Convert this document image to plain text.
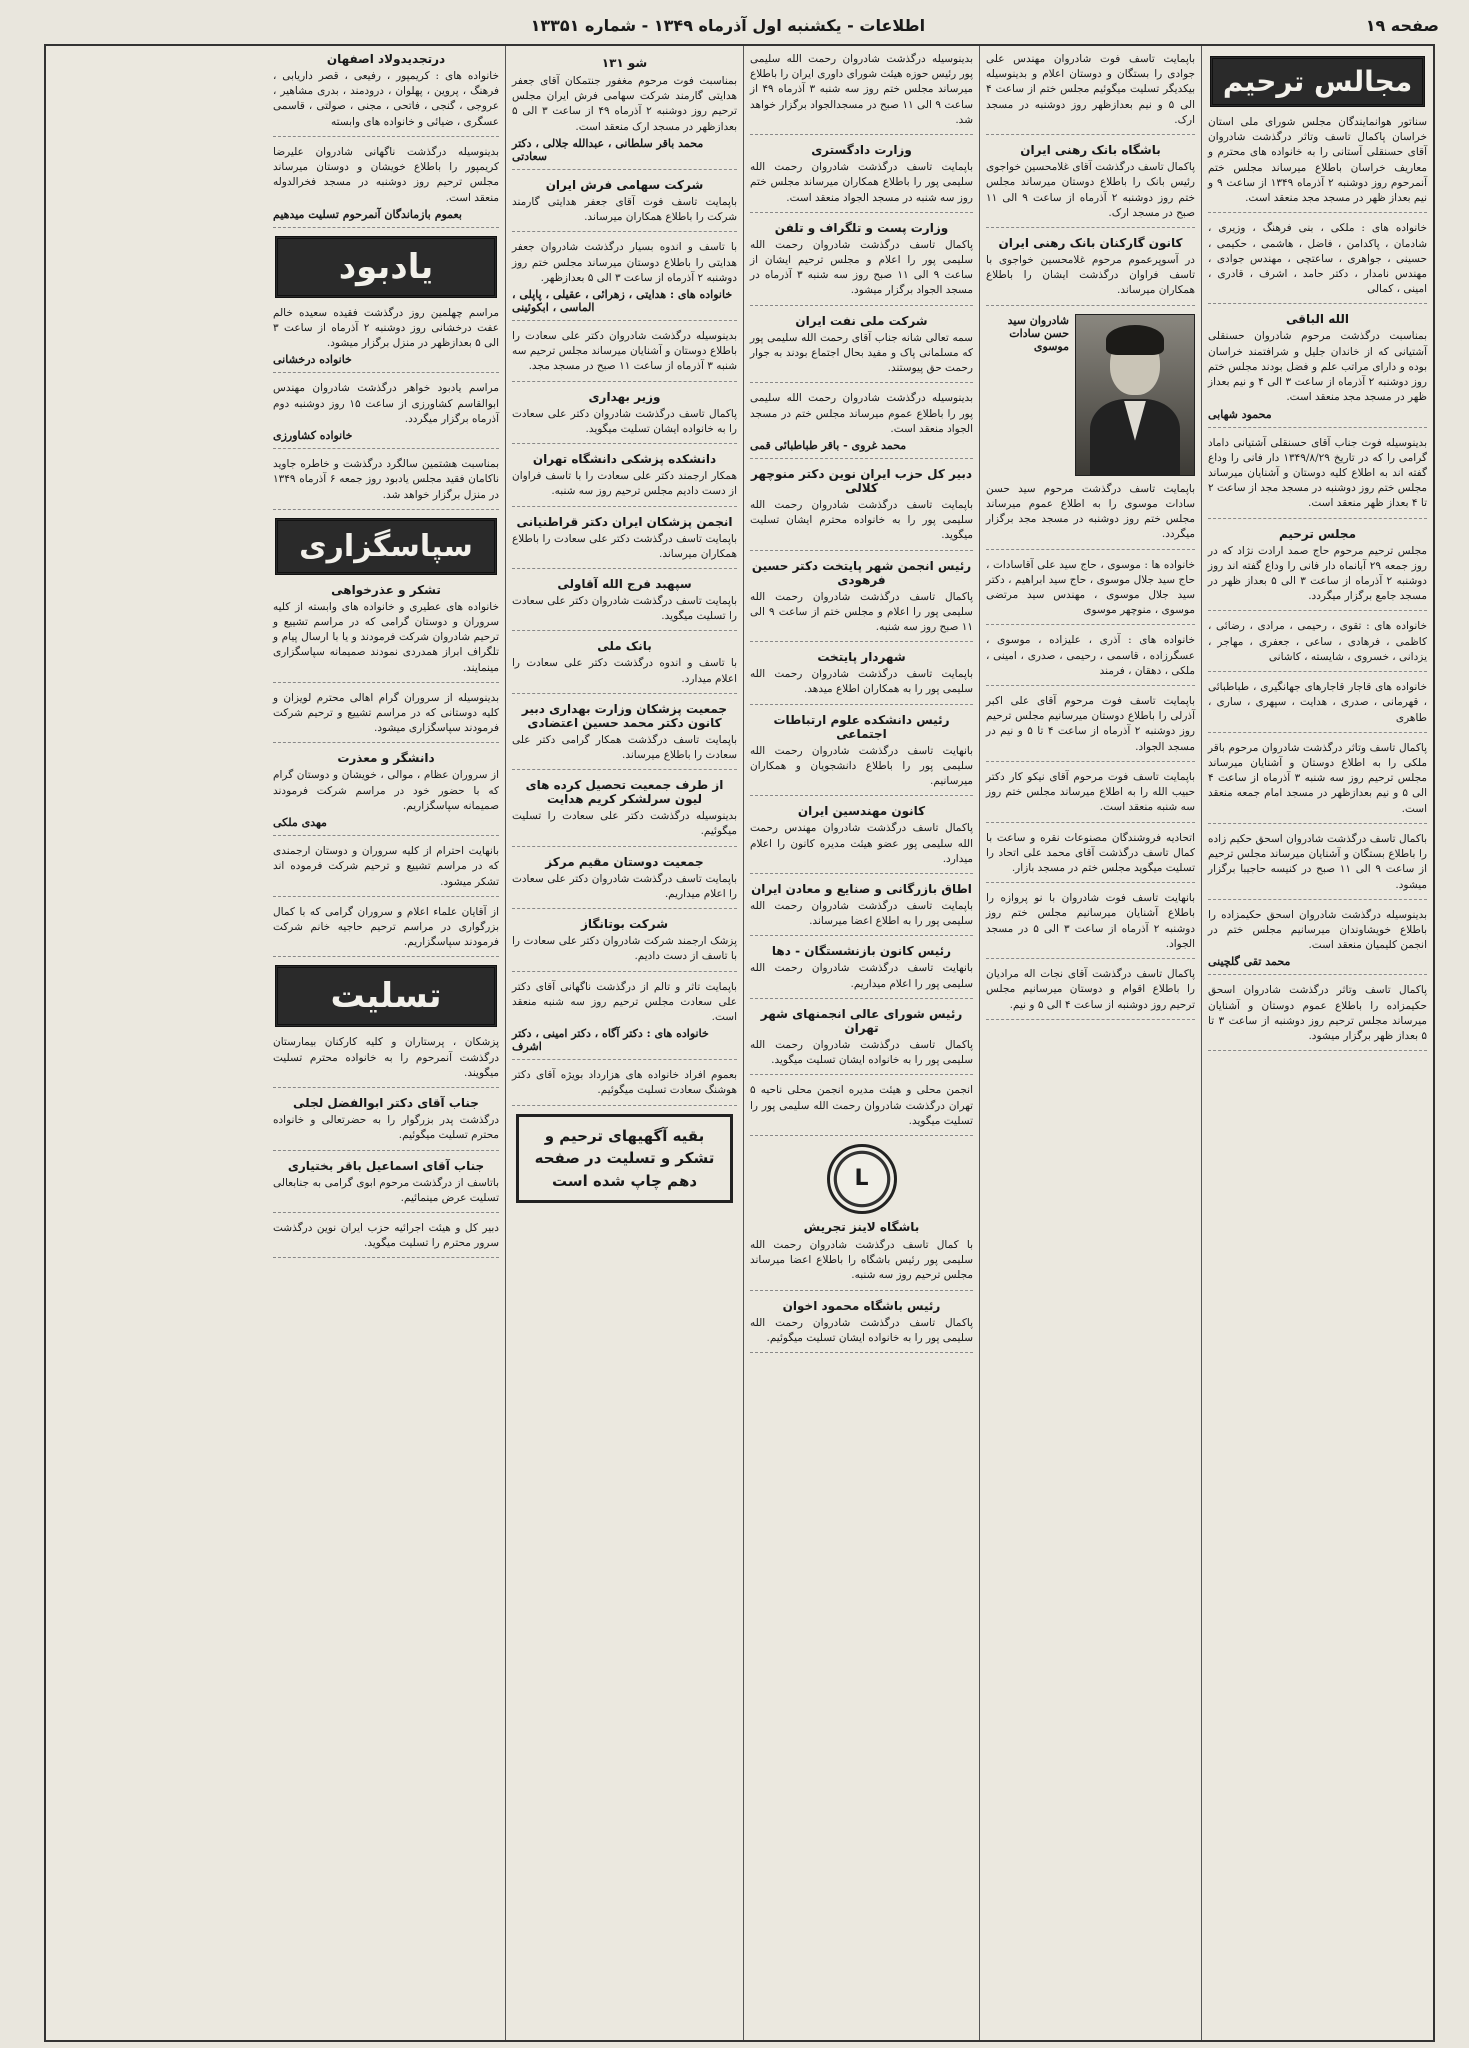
صفحه ۱۹
اطلاعات - یکشنبه اول آذرماه ۱۳۴۹ - شماره ۱۳۳۵۱
مجالس ترحیم
سناتور هوانمایندگان مجلس شورای ملی استان خراسان پاکمال تاسف وتاثر درگذشت شادروان آقای حسنقلی آستانی را به خانواده های محترم و معاریف خراسان باطلاع میرساند مجلس ختم آنمرحوم روز دوشنبه ۲ آذرماه ۱۳۴۹ از ساعت ۹ و نیم بعداز ظهر در مسجد مجد منعقد است.
خانواده های : ملکی ، بنی فرهنگ ، وزیری ، شادمان ، پاکدامن ، فاضل ، هاشمی ، حکیمی ، حسینی ، جواهری ، ساعتچی ، مهندس جوادی ، مهندس نامدار ، دکتر حامد ، اشرف ، قادری ، امینی ، کمالی
الله الباقی
بمناسبت درگذشت مرحوم شادروان حسنقلی آشتیانی که از خاندان جلیل و شرافتمند خراسان بوده و دارای مراتب علم و فضل بودند مجلس ختم روز دوشنبه ۲ آذرماه از ساعت ۳ الی ۴ و نیم بعداز ظهر در مسجد مجد منعقد است.
محمود شهابی
بدینوسیله فوت جناب آقای حسنقلی آشتیانی داماد گرامی را که در تاریخ ۱۳۴۹/۸/۲۹ دار فانی را وداع گفته اند به اطلاع کلیه دوستان و آشنایان میرساند مجلس ختم روز دوشنبه در مسجد مجد از ساعت ۲ تا ۴ بعداز ظهر منعقد است.
مجلس ترحیم
مجلس ترحیم مرحوم حاج صمد ارادت نژاد که در روز جمعه ۲۹ آبانماه دار فانی را وداع گفته اند روز دوشنبه ۲ آذرماه از ساعت ۳ الی ۵ بعداز ظهر در مسجد جامع برگزار میگردد.
خانواده های : تقوی ، رحیمی ، مرادی ، رضائی ، کاظمی ، فرهادی ، ساعی ، جعفری ، مهاجر ، یزدانی ، خسروی ، شایسته ، کاشانی
خانواده های قاجار قاجارهای جهانگیری ، طباطبائی ، قهرمانی ، صدری ، هدایت ، سپهری ، ساری ، طاهری
پاکمال تاسف وتاثر درگذشت شادروان مرحوم باقر ملکی را به اطلاع دوستان و آشنایان میرساند مجلس ترحیم روز سه شنبه ۳ آذرماه از ساعت ۴ الی ۵ و نیم بعدازظهر در مسجد امام جمعه منعقد است.
باکمال تاسف درگذشت شادروان اسحق حکیم زاده را باطلاع بستگان و آشنایان میرساند مجلس ترحیم از ساعت ۹ الی ۱۱ صبح در کنیسه حاجیبا برگزار میشود.
بدینوسیله درگذشت شادروان اسحق حکیمزاده را باطلاع خویشاوندان میرسانیم مجلس ختم در انجمن کلیمیان منعقد است.
محمد تقی گلچینی
پاکمال تاسف وتاثر درگذشت شادروان اسحق حکیمزاده را باطلاع عموم دوستان و آشنایان میرساند مجلس ترحیم روز دوشنبه از ساعت ۳ تا ۵ بعداز ظهر برگزار میشود.
باپمایت تاسف فوت شادروان مهندس علی جوادی را بستگان و دوستان اعلام و بدینوسیله بیکدیگر تسلیت میگوئیم مجلس ختم از ساعت ۴ الی ۵ و نیم بعدازظهر روز دوشنبه در مسجد ارک.
باشگاه بانک رهنی ایران
پاکمال تاسف درگذشت آقای غلامحسین خواجوی رئیس بانک را باطلاع دوستان میرساند مجلس ختم روز دوشنبه ۲ آذرماه از ساعت ۹ الی ۱۱ صبح در مسجد ارک.
کانون گارکنان بانک رهنی ایران
در آسوپرعموم مرحوم غلامحسین خواجوی با تاسف فراوان درگذشت ایشان را باطلاع همکاران میرساند.
شادروان سید حسن سادات موسوی
باپمایت تاسف درگذشت مرحوم سید حسن سادات موسوی را به اطلاع عموم میرساند مجلس ختم روز دوشنبه در مسجد مجد برگزار میگردد.
خانواده ها : موسوی ، حاج سید علی آقاسادات ، حاج سید جلال موسوی ، حاج سید ابراهیم ، دکتر سید جلال موسوی ، مهندس سید مرتضی موسوی ، منوچهر موسوی
خانواده های : آذری ، علیزاده ، موسوی ، عسگرزاده ، قاسمی ، رحیمی ، صدری ، امینی ، ملکی ، دهقان ، فرمند
باپمایت تاسف فوت مرحوم آقای علی اکبر آذرلی را باطلاع دوستان میرسانیم مجلس ترحیم روز دوشنبه ۲ آذرماه از ساعت ۴ تا ۵ و نیم در مسجد الجواد.
باپمایت تاسف فوت مرحوم آقای نیکو کار دکتر حبیب الله را به اطلاع میرساند مجلس ختم روز سه شنبه منعقد است.
اتحادیه فروشندگان مصنوعات نقره و ساعت با کمال تاسف درگذشت آقای محمد علی اتحاد را تسلیت میگوید مجلس ختم در مسجد بازار.
بانهایت تاسف فوت شادروان با نو پروازه را باطلاع آشنایان میرسانیم مجلس ختم روز دوشنبه ۲ آذرماه از ساعت ۳ الی ۵ در مسجد الجواد.
پاکمال تاسف درگذشت آقای نجات اله مرادیان را باطلاع اقوام و دوستان میرسانیم مجلس ترحیم روز دوشنبه از ساعت ۴ الی ۵ و نیم.
بدینوسیله درگذشت شادروان رحمت الله سلیمی پور رئیس حوزه هیئت شورای داوری ایران را باطلاع میرساند مجلس ختم روز سه شنبه ۳ آذرماه ۴۹ از ساعت ۹ الی ۱۱ صبح در مسجدالجواد برگزار خواهد شد.
وزارت دادگستری
باپمایت تاسف درگذشت شادروان رحمت الله سلیمی پور را باطلاع همکاران میرساند مجلس ختم روز سه شنبه در مسجد الجواد منعقد است.
وزارت پست و تلگراف و تلفن
پاکمال تاسف درگذشت شادروان رحمت الله سلیمی پور را اعلام و مجلس ترحیم ایشان از ساعت ۹ الی ۱۱ صبح روز سه شنبه ۳ آذرماه در مسجد الجواد برگزار میشود.
شرکت ملی نفت ایران
سمه تعالی شانه جناب آقای رحمت الله سلیمی پور که مسلمانی پاک و مفید بحال اجتماع بودند به جوار رحمت حق پیوستند.
بدینوسیله درگذشت شادروان رحمت الله سلیمی پور را باطلاع عموم میرساند مجلس ختم در مسجد الجواد منعقد است.
محمد غروی - باقر طباطبائی قمی
دبیر کل حزب ایران نوین دکتر منوچهر کلالی
باپمایت تاسف درگذشت شادروان رحمت الله سلیمی پور را به خانواده محترم ایشان تسلیت میگوید.
رئیس انجمن شهر پایتخت دکتر حسین فرهودی
پاکمال تاسف درگذشت شادروان رحمت الله سلیمی پور را اعلام و مجلس ختم از ساعت ۹ الی ۱۱ صبح روز سه شنبه.
شهردار پایتخت
باپمایت تاسف درگذشت شادروان رحمت الله سلیمی پور را به همکاران اطلاع میدهد.
رئیس دانشکده علوم ارتباطات اجتماعی
بانهایت تاسف درگذشت شادروان رحمت الله سلیمی پور را باطلاع دانشجویان و همکاران میرسانیم.
کانون مهندسین ایران
پاکمال تاسف درگذشت شادروان مهندس رحمت الله سلیمی پور عضو هیئت مدیره کانون را اعلام میدارد.
اطاق بازرگانی و صنایع و معادن ایران
باپمایت تاسف درگذشت شادروان رحمت الله سلیمی پور را به اطلاع اعضا میرساند.
رئیس کانون بازنشستگان - دها
بانهایت تاسف درگذشت شادروان رحمت الله سلیمی پور را اعلام میداریم.
رئیس شورای عالی انجمنهای شهر تهران
پاکمال تاسف درگذشت شادروان رحمت الله سلیمی پور را به خانواده ایشان تسلیت میگوید.
انجمن محلی و هیئت مدیره انجمن محلی ناحیه ۵ تهران درگذشت شادروان رحمت الله سلیمی پور را تسلیت میگوید.
L
باشگاه لاینز تجریش
با کمال تاسف درگذشت شادروان رحمت الله سلیمی پور رئیس باشگاه را باطلاع اعضا میرساند مجلس ترحیم روز سه شنبه.
رئیس باشگاه محمود اخوان
پاکمال تاسف درگذشت شادروان رحمت الله سلیمی پور را به خانواده ایشان تسلیت میگوئیم.
شو ۱۳۱
بمناسبت فوت مرحوم مغفور جنتمکان آقای جعفر هدایتی گارمند شرکت سهامی فرش ایران مجلس ترحیم روز دوشنبه ۲ آذرماه ۴۹ از ساعت ۳ الی ۵ بعدازظهر در مسجد ارک منعقد است.
محمد باقر سلطانی ، عبدالله جلالی ، دکتر سعادتی
شرکت سهامی فرش ایران
باپمایت تاسف فوت آقای جعفر هدایتی گارمند شرکت را باطلاع همکاران میرساند.
با تاسف و اندوه بسیار درگذشت شادروان جعفر هدایتی را باطلاع دوستان میرساند مجلس ختم روز دوشنبه ۲ آذرماه از ساعت ۳ الی ۵ بعدازظهر.
خانواده های : هدایتی ، زهرائی ، عقیلی ، پاپلی ، الماسی ، ابکوئینی
بدینوسیله درگذشت شادروان دکتر علی سعادت را باطلاع دوستان و آشنایان میرساند مجلس ترحیم سه شنبه ۳ آذرماه از ساعت ۱۱ صبح در مسجد مجد.
وزیر بهداری
پاکمال تاسف درگذشت شادروان دکتر علی سعادت را به خانواده ایشان تسلیت میگوید.
دانشکده پزشکی دانشگاه تهران
همکار ارجمند دکتر علی سعادت را با تاسف فراوان از دست دادیم مجلس ترحیم روز سه شنبه.
انجمن پزشکان ایران دکتر قراطنیانی
باپمایت تاسف درگذشت دکتر علی سعادت را باطلاع همکاران میرساند.
سپهبد فرج الله آقاولی
باپمایت تاسف درگذشت شادروان دکتر علی سعادت را تسلیت میگوید.
بانک ملی
با تاسف و اندوه درگذشت دکتر علی سعادت را اعلام میدارد.
جمعیت پزشکان وزارت بهداری دبیر کانون دکتر محمد حسین اعتضادی
باپمایت تاسف درگذشت همکار گرامی دکتر علی سعادت را باطلاع میرساند.
از طرف جمعیت تحصیل کرده های لیون سرلشکر کریم هدایت
بدینوسیله درگذشت دکتر علی سعادت را تسلیت میگوئیم.
جمعیت دوستان مقیم مرکز
باپمایت تاسف درگذشت شادروان دکتر علی سعادت را اعلام میداریم.
شرکت بوتانگاز
پزشک ارجمند شرکت شادروان دکتر علی سعادت را با تاسف از دست دادیم.
باپمایت تاثر و تالم از درگذشت ناگهانی آقای دکتر علی سعادت مجلس ترحیم روز سه شنبه منعقد است.
خانواده های : دکتر آگاه ، دکتر امینی ، دکتر اشرف
بعموم افراد خانواده های هزارداد بویژه آقای دکتر هوشنگ سعادت تسلیت میگوئیم.
بقیه آگهیهای ترحیم و تشکر و تسلیت در صفحه دهم چاپ شده است
درتجدیدولاد اصفهان
خانواده های : کریمپور ، رفیعی ، قصر داریابی ، فرهنگ ، پروین ، پهلوان ، درودمند ، بدری مشاهیر ، عروجی ، گنجی ، فاتحی ، مجنی ، صولتی ، قاسمی عسگری ، ضیائی و خانواده های وابسته
بدینوسیله درگذشت ناگهانی شادروان علیرضا کریمپور را باطلاع خویشان و دوستان میرساند مجلس ترحیم روز دوشنبه در مسجد فخرالدوله منعقد است.
بعموم بازماندگان آنمرحوم تسلیت میدهیم
یادبود
مراسم چهلمین روز درگذشت فقیده سعیده خالم عفت درخشانی روز دوشنبه ۲ آذرماه از ساعت ۳ الی ۵ بعدازظهر در منزل برگزار میشود.
خانواده درخشانی
مراسم یادبود خواهر درگذشت شادروان مهندس ابوالقاسم کشاورزی از ساعت ۱۵ روز دوشنبه دوم آذرماه برگزار میگردد.
خانواده کشاورزی
بمناسبت هشتمین سالگرد درگذشت و خاطره جاوید ناکامان فقید مجلس یادبود روز جمعه ۶ آذرماه ۱۳۴۹ در منزل برگزار خواهد شد.
سپاسگزاری
تشکر و عذرخواهی
خانواده های عطیری و خانواده های وابسته از کلیه سروران و دوستان گرامی که در مراسم تشییع و ترحیم شادروان شرکت فرمودند و یا با ارسال پیام و تلگراف ابراز همدردی نمودند صمیمانه سپاسگزاری مینمایند.
بدینوسیله از سروران گرام اهالی محترم لویزان و کلیه دوستانی که در مراسم تشییع و ترحیم شرکت فرمودند سپاسگزاری میشود.
دانشگر و معذرت
از سروران عظام ، موالی ، خویشان و دوستان گرام که با حضور خود در مراسم شرکت فرمودند صمیمانه سپاسگزاریم.
مهدی ملکی
بانهایت احترام از کلیه سروران و دوستان ارجمندی که در مراسم تشییع و ترحیم شرکت فرموده اند تشکر میشود.
از آقایان علماء اعلام و سروران گرامی که با کمال بزرگواری در مراسم ترحیم حاجیه خانم شرکت فرمودند سپاسگزاریم.
تسلیت
پزشکان ، پرستاران و کلیه کارکنان بیمارستان درگذشت آنمرحوم را به خانواده محترم تسلیت میگویند.
جناب آقای دکتر ابوالفضل لجلی
درگذشت پدر بزرگوار را به حضرتعالی و خانواده محترم تسلیت میگوئیم.
جناب آقای اسماعیل باقر بختیاری
باتاسف از درگذشت مرحوم ابوی گرامی به جنابعالی تسلیت عرض مینمائیم.
دبیر کل و هیئت اجرائیه حزب ایران نوین درگذشت سرور محترم را تسلیت میگوید.
